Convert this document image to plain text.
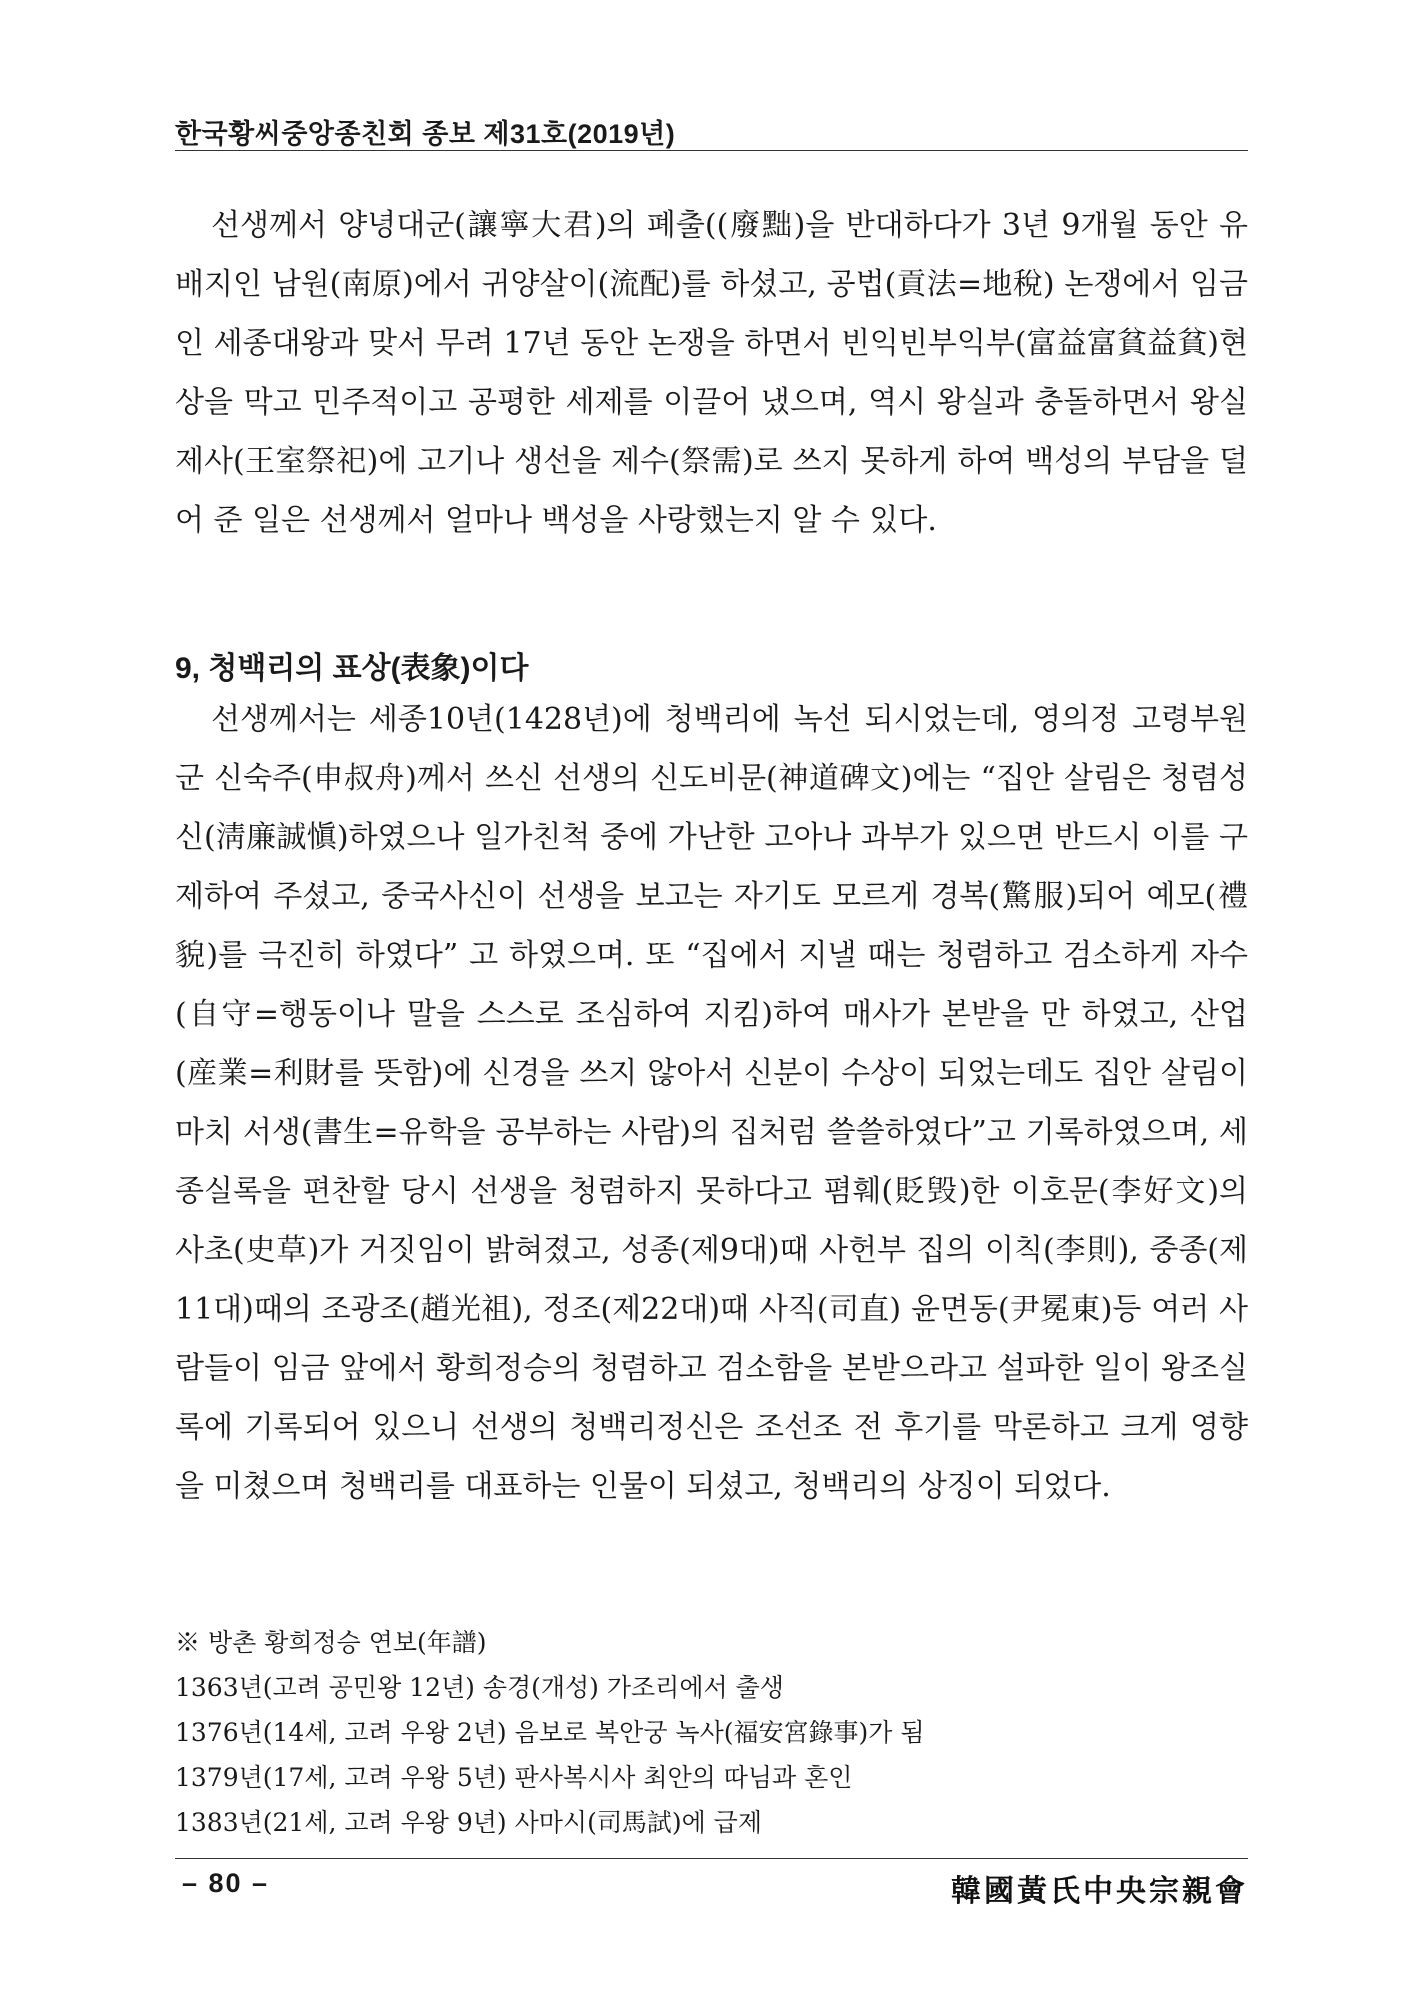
한국황씨중앙종친회 종보 제31호(2019년)

선생께서 양녕대군(讓寧大君)의 폐출((廢黜)을 반대하다가 3년 9개월 동안 유배지인 남원(南原)에서 귀양살이(流配)를 하셨고, 공법(貢法=地稅) 논쟁에서 임금인 세종대왕과 맞서 무려 17년 동안 논쟁을 하면서 빈익빈부익부(富益富貧益貧)현상을 막고 민주적이고 공평한 세제를 이끌어 냈으며, 역시 왕실과 충돌하면서 왕실제사(王室祭祀)에 고기나 생선을 제수(祭需)로 쓰지 못하게 하여 백성의 부담을 덜어 준 일은 선생께서 얼마나 백성을 사랑했는지 알 수 있다.

9, 청백리의 표상(表象)이다

선생께서는 세종10년(1428년)에 청백리에 녹선 되시었는데, 영의정 고령부원군 신숙주(申叔舟)께서 쓰신 선생의 신도비문(神道碑文)에는 “집안 살림은 청렴성신(淸廉誠愼)하였으나 일가친척 중에 가난한 고아나 과부가 있으면 반드시 이를 구제하여 주셨고, 중국사신이 선생을 보고는 자기도 모르게 경복(驚服)되어 예모(禮貌)를 극진히 하였다” 고 하였으며. 또 “집에서 지낼 때는 청렴하고 검소하게 자수(自守=행동이나 말을 스스로 조심하여 지킴)하여 매사가 본받을 만 하였고, 산업(産業=利財를 뜻함)에 신경을 쓰지 않아서 신분이 수상이 되었는데도 집안 살림이 마치 서생(書生=유학을 공부하는 사람)의 집처럼 쓸쓸하였다”고 기록하였으며, 세종실록을 편찬할 당시 선생을 청렴하지 못하다고 폄훼(貶毁)한 이호문(李好文)의 사초(史草)가 거짓임이 밝혀졌고, 성종(제9대)때 사헌부 집의 이칙(李則), 중종(제11대)때의 조광조(趙光祖), 정조(제22대)때 사직(司直) 윤면동(尹冕東)등 여러 사람들이 임금 앞에서 황희정승의 청렴하고 검소함을 본받으라고 설파한 일이 왕조실록에 기록되어 있으니 선생의 청백리정신은 조선조 전 후기를 막론하고 크게 영향을 미쳤으며 청백리를 대표하는 인물이 되셨고, 청백리의 상징이 되었다.

※ 방촌 황희정승 연보(年譜)
1363년(고려 공민왕 12년) 송경(개성) 가조리에서 출생
1376년(14세, 고려 우왕 2년) 음보로 복안궁 녹사(福安宮錄事)가 됨
1379년(17세, 고려 우왕 5년) 판사복시사 최안의 따님과 혼인
1383년(21세, 고려 우왕 9년) 사마시(司馬試)에 급제
– 80 –	韓國黃氏中央宗親會
